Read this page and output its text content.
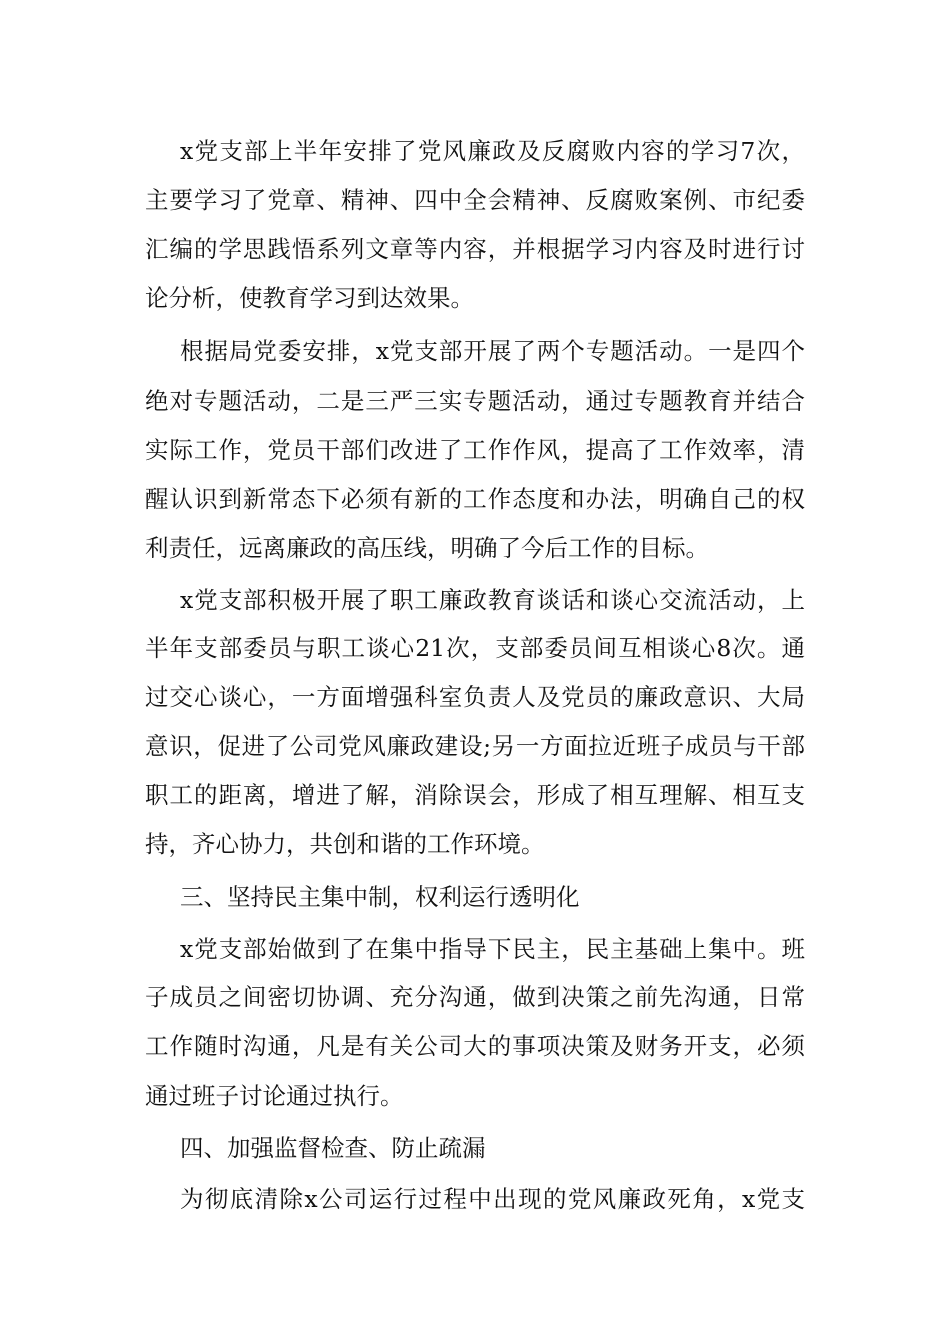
x党支部上半年安排了党风廉政及反腐败内容的学习7次，
主要学习了党章、精神、四中全会精神、反腐败案例、市纪委
汇编的学思践悟系列文章等内容，并根据学习内容及时进行讨
论分析，使教育学习到达效果。
根据局党委安排，x党支部开展了两个专题活动。一是四个
绝对专题活动，二是三严三实专题活动，通过专题教育并结合
实际工作，党员干部们改进了工作作风，提高了工作效率，清
醒认识到新常态下必须有新的工作态度和办法，明确自己的权
利责任，远离廉政的高压线，明确了今后工作的目标。
x党支部积极开展了职工廉政教育谈话和谈心交流活动，上
半年支部委员与职工谈心21次，支部委员间互相谈心8次。通
过交心谈心，一方面增强科室负责人及党员的廉政意识、大局
意识，促进了公司党风廉政建设;另一方面拉近班子成员与干部
职工的距离，增进了解，消除误会，形成了相互理解、相互支
持，齐心协力，共创和谐的工作环境。
三、坚持民主集中制，权利运行透明化
x党支部始做到了在集中指导下民主，民主基础上集中。班
子成员之间密切协调、充分沟通，做到决策之前先沟通，日常
工作随时沟通，凡是有关公司大的事项决策及财务开支，必须
通过班子讨论通过执行。
四、加强监督检查、防止疏漏
为彻底清除x公司运行过程中出现的党风廉政死角，x党支
